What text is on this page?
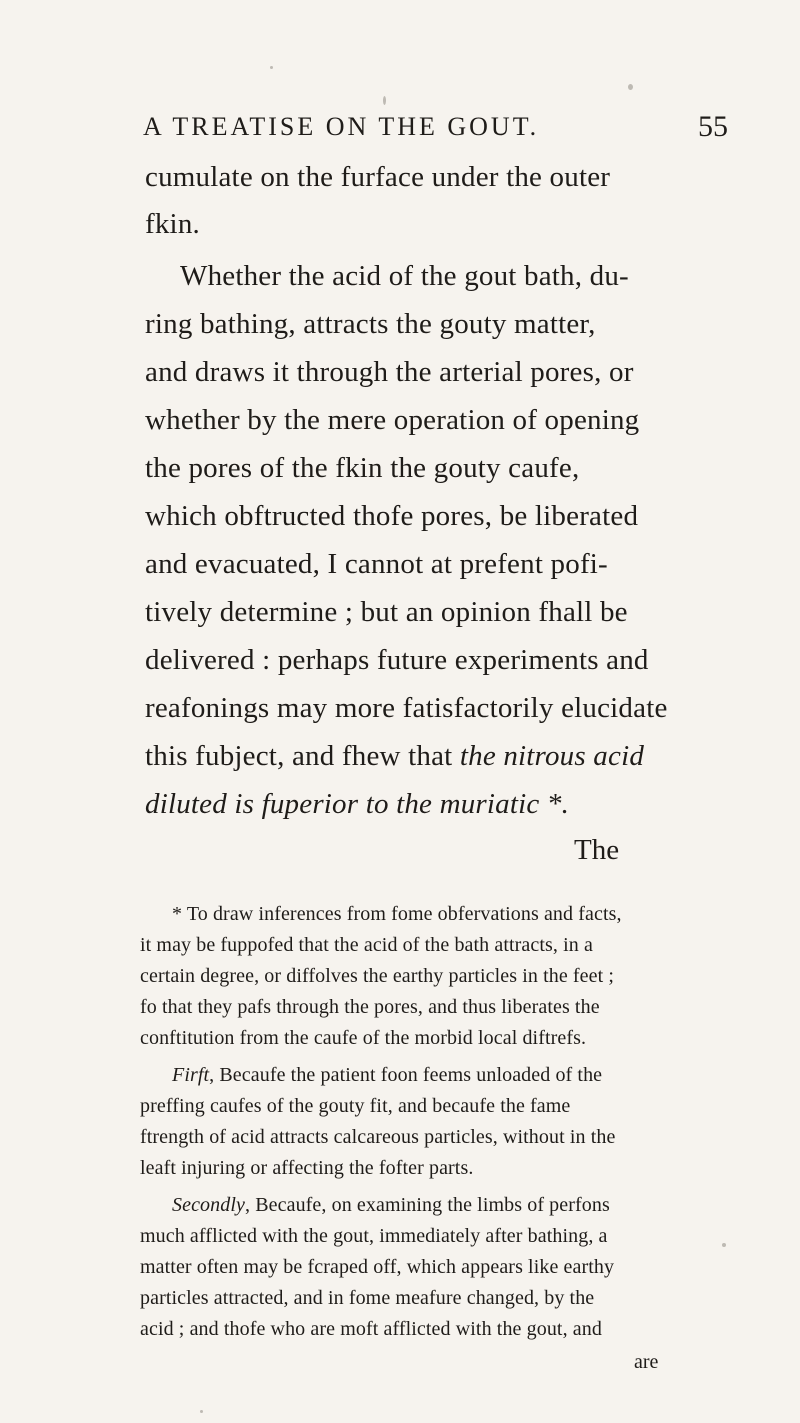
A TREATISE ON THE GOUT.	55
cumulate on the furface under the outer
fkin.
Whether the acid of the gout bath, du-
ring bathing, attracts the gouty matter,
and draws it through the arterial pores, or
whether by the mere operation of opening
the pores of the fkin the gouty caufe,
which obftructed thofe pores, be liberated
and evacuated, I cannot at prefent pofi-
tively determine ; but an opinion fhall be
delivered : perhaps future experiments and
reafonings may more fatisfactorily elucidate
this fubject, and fhew that the nitrous acid
diluted is fuperior to the muriatic *.
The
* To draw inferences from fome obfervations and facts,
it may be fuppofed that the acid of the bath attracts, in a
certain degree, or diffolves the earthy particles in the feet ;
fo that they pafs through the pores, and thus liberates the
conftitution from the caufe of the morbid local diftrefs.
Firft, Becaufe the patient foon feems unloaded of the
preffing caufes of the gouty fit, and becaufe the fame
ftrength of acid attracts calcareous particles, without in the
leaft injuring or affecting the fofter parts.
Secondly, Becaufe, on examining the limbs of perfons
much afflicted with the gout, immediately after bathing, a
matter often may be fcraped off, which appears like earthy
particles attracted, and in fome meafure changed, by the
acid ; and thofe who are moft afflicted with the gout, and
are
